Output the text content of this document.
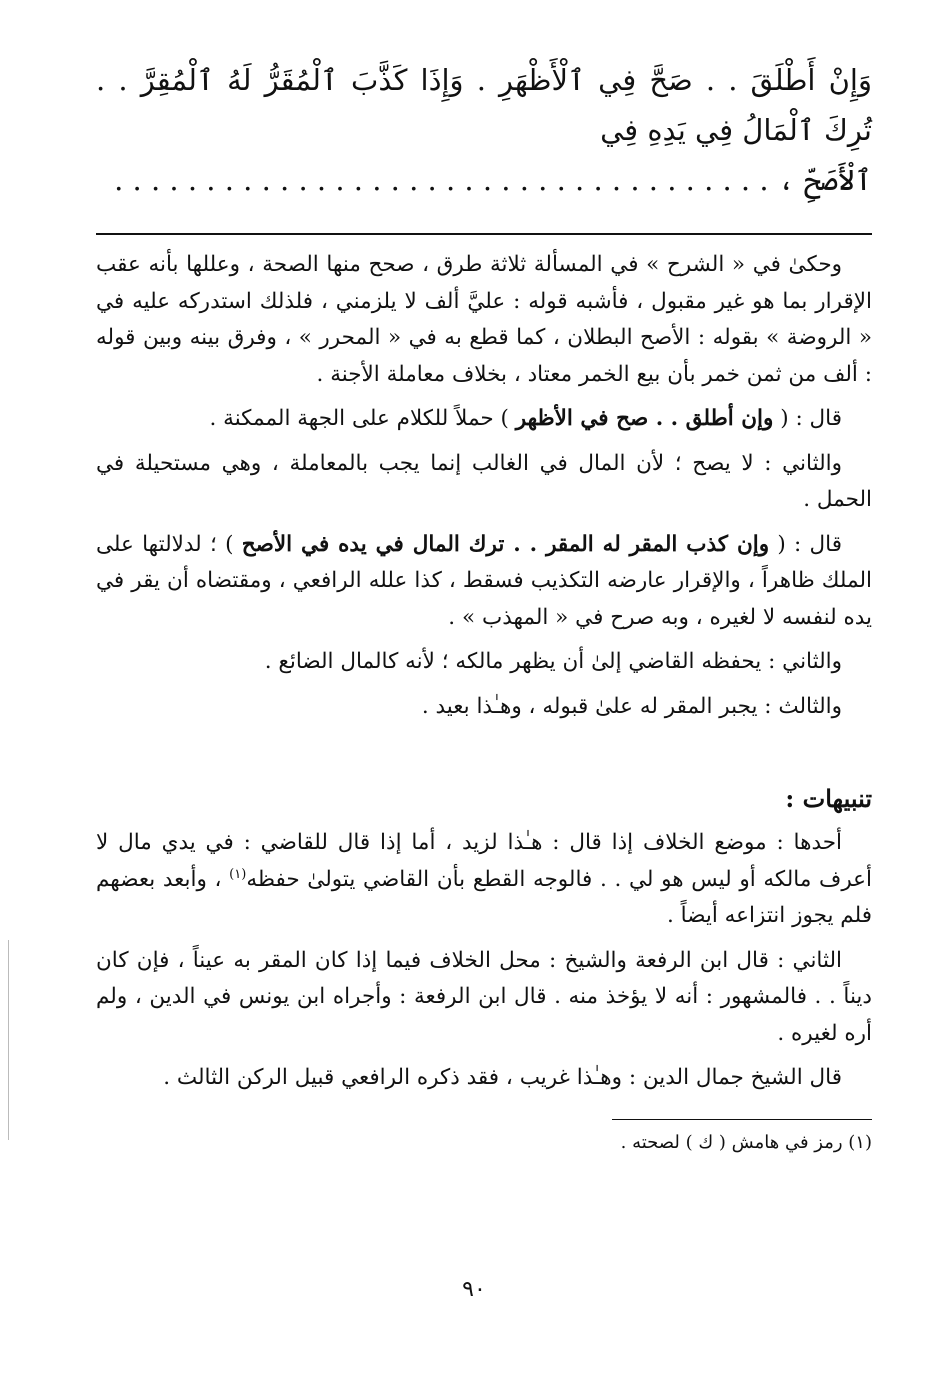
وَإِنْ أَطْلَقَ . . صَحَّ فِي ٱلْأَظْهَرِ . وَإِذَا كَذَّبَ ٱلْمُقَرُّ لَهُ ٱلْمُقِرَّ . . تُرِكَ ٱلْمَالُ فِي يَدِهِ فِي

ٱلْأَصَحِّ ، . . . . . . . . . . . . . . . . . . . . . . . . . . . . . . . . . . . .

وحكىٰ في « الشرح » في المسألة ثلاثة طرق ، صحح منها الصحة ، وعللها بأنه عقب الإقرار بما هو غير مقبول ، فأشبه قوله : عليَّ ألف لا يلزمني ، فلذلك استدركه عليه في « الروضة » بقوله : الأصح البطلان ، كما قطع به في « المحرر » ، وفرق بينه وبين قوله : ألف من ثمن خمر بأن بيع الخمر معتاد ، بخلاف معاملة الأجنة .

قال : ( وإن أطلق . . صح في الأظهر ) حملاً للكلام على الجهة الممكنة .

والثاني : لا يصح ؛ لأن المال في الغالب إنما يجب بالمعاملة ، وهي مستحيلة في الحمل .

قال : ( وإن كذب المقر له المقر . . ترك المال في يده في الأصح ) ؛ لدلالتها على الملك ظاهراً ، والإقرار عارضه التكذيب فسقط ، كذا علله الرافعي ، ومقتضاه أن يقر في يده لنفسه لا لغيره ، وبه صرح في « المهذب » .

والثاني : يحفظه القاضي إلىٰ أن يظهر مالكه ؛ لأنه كالمال الضائع .

والثالث : يجبر المقر له علىٰ قبوله ، وهـٰذا بعيد .

تنبيهات :

أحدها : موضع الخلاف إذا قال : هـٰذا لزيد ، أما إذا قال للقاضي : في يدي مال لا أعرف مالكه أو ليس هو لي . . فالوجه القطع بأن القاضي يتولىٰ حفظه$^{(١)}$ ، وأبعد بعضهم فلم يجوز انتزاعه أيضاً .

الثاني : قال ابن الرفعة والشيخ : محل الخلاف فيما إذا كان المقر به عيناً ، فإن كان ديناً . . فالمشهور : أنه لا يؤخذ منه . قال ابن الرفعة : وأجراه ابن يونس في الدين ، ولم أره لغيره .

قال الشيخ جمال الدين : وهـٰذا غريب ، فقد ذكره الرافعي قبيل الركن الثالث .

(١) رمز في هامش ( ك ) لصحته .

٩٠
